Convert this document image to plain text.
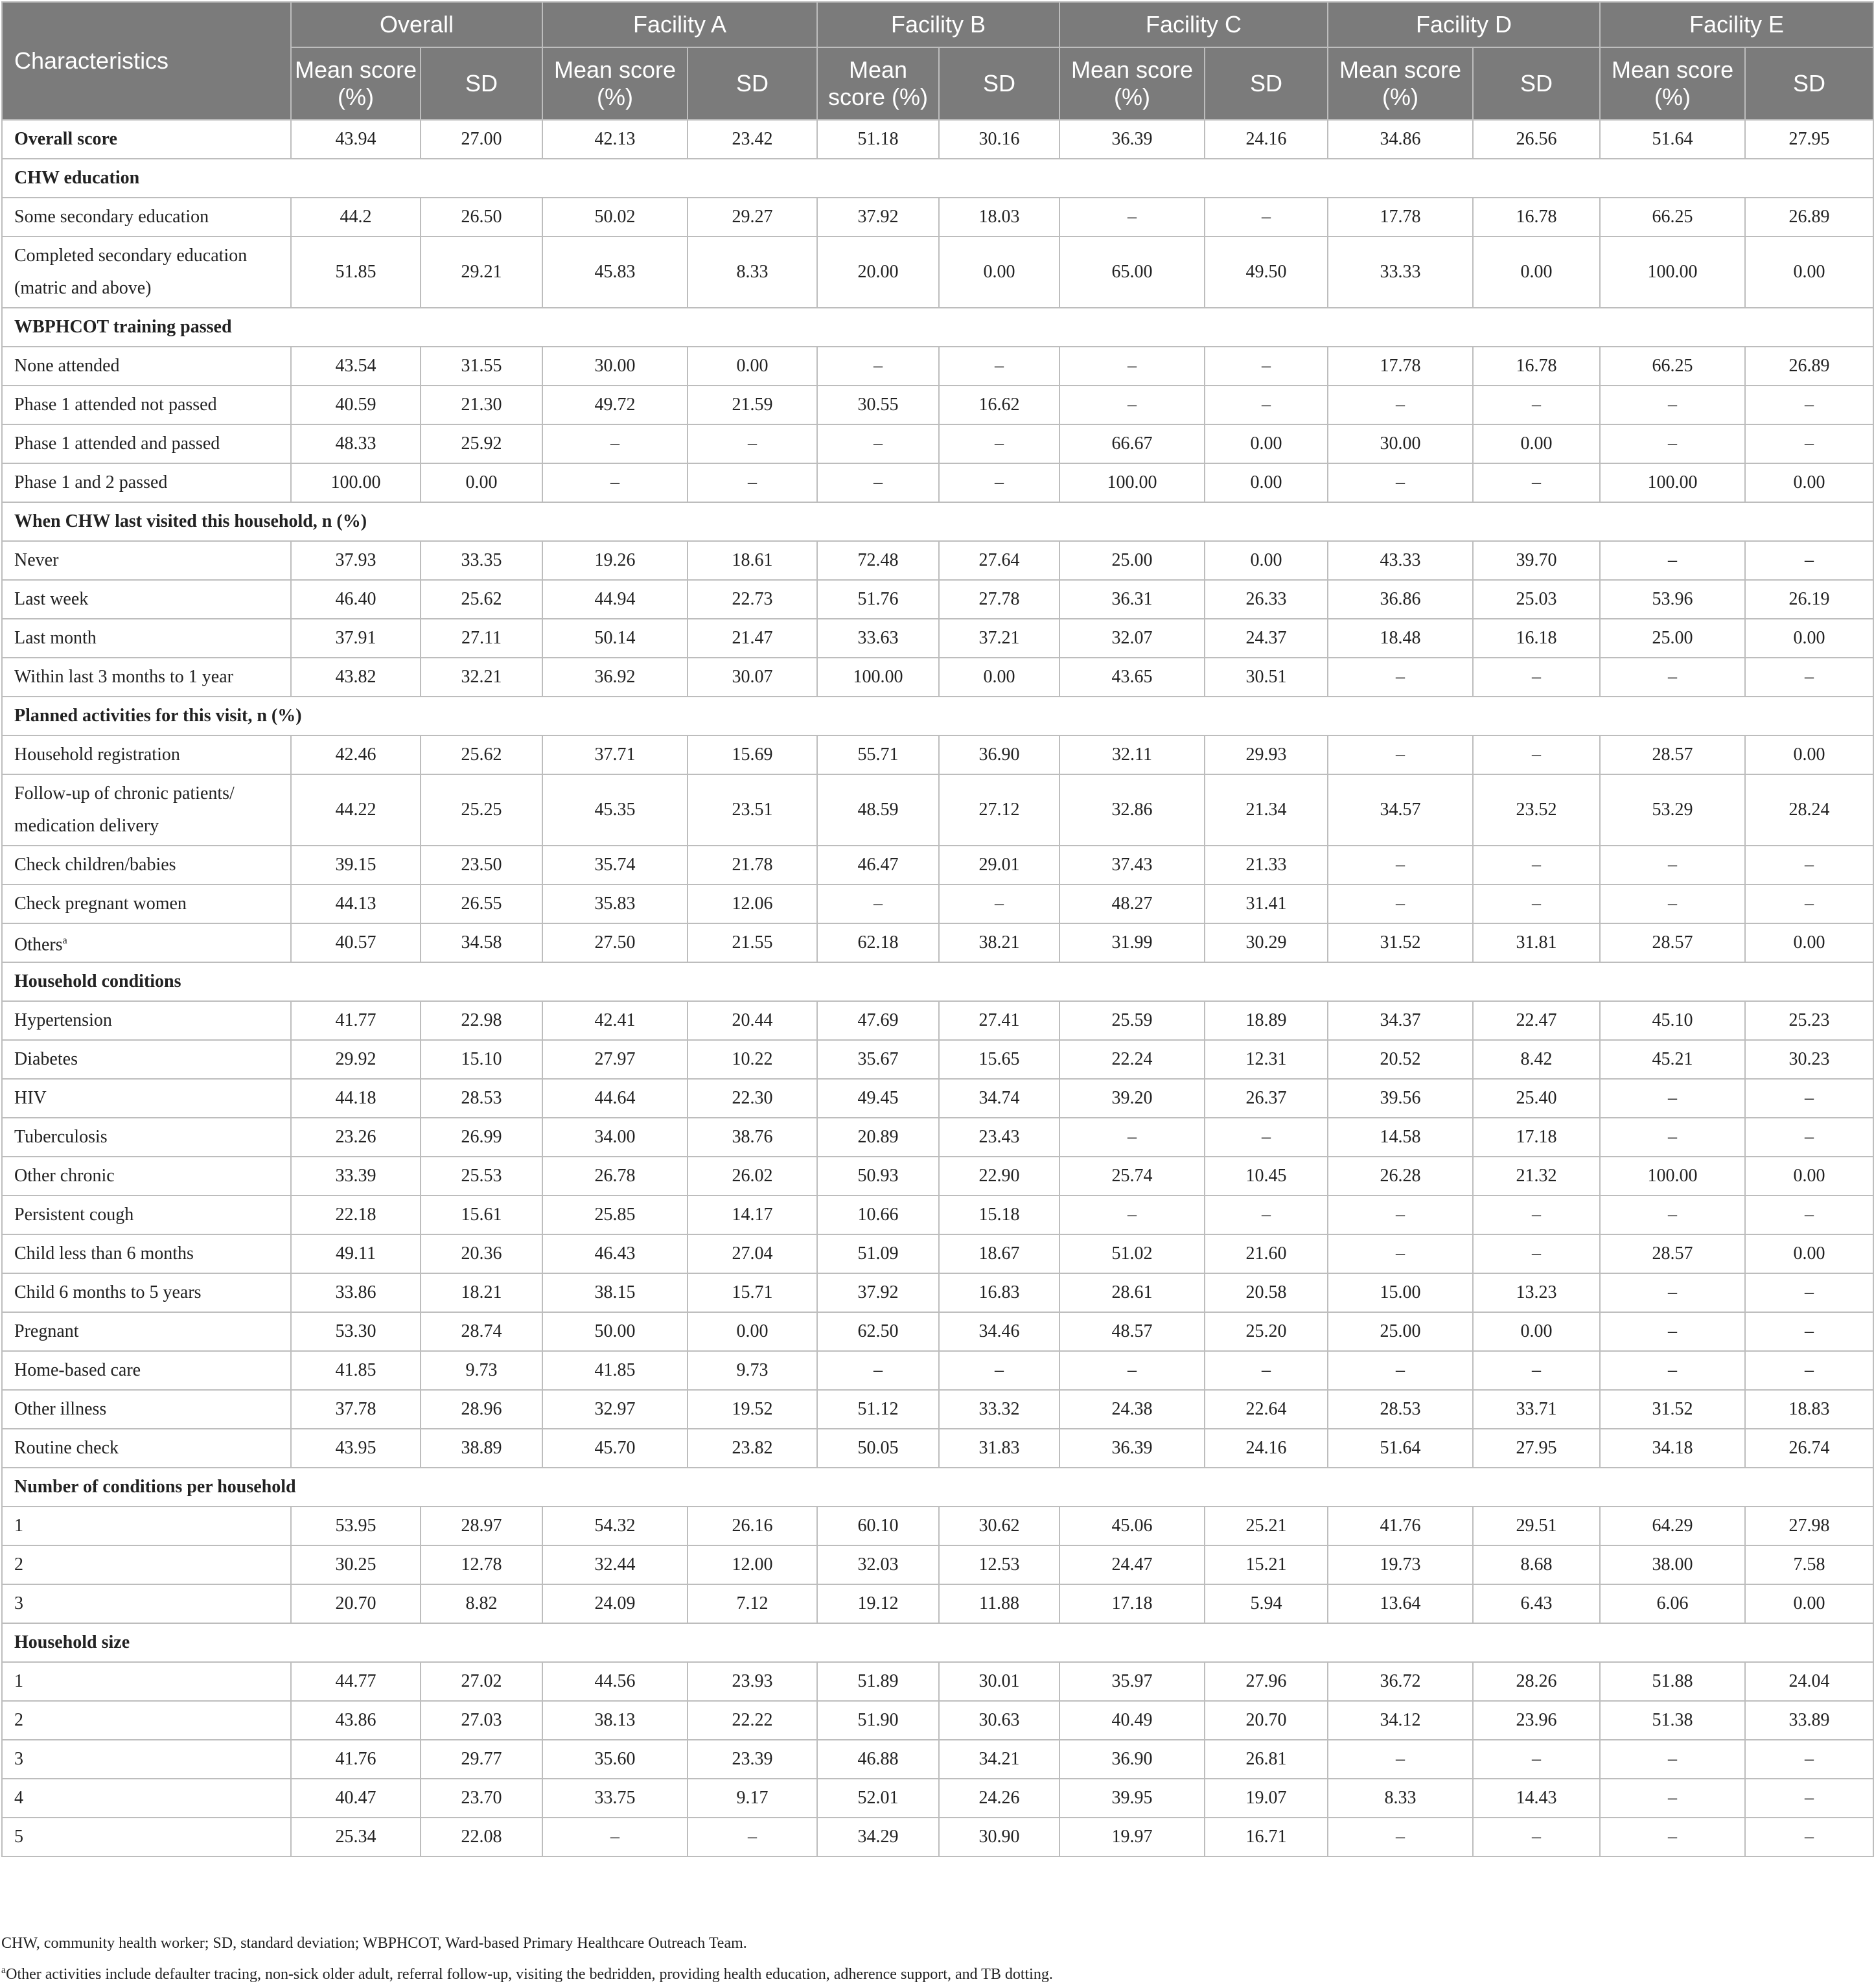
Characteristics	Overall		Facility A		Facility B		Facility C		Facility D		Facility E	
	Mean score (%)	SD	Mean score (%)	SD	Mean score (%)	SD	Mean score (%)	SD	Mean score (%)	SD	Mean score (%)	SD
Overall score	43.94	27.00	42.13	23.42	51.18	30.16	36.39	24.16	34.86	26.56	51.64	27.95
CHW education												
Some secondary education	44.2	26.50	50.02	29.27	37.92	18.03	–	–	17.78	16.78	66.25	26.89
Completed secondary education (matric and above)	51.85	29.21	45.83	8.33	20.00	0.00	65.00	49.50	33.33	0.00	100.00	0.00
WBPHCOT training passed												
None attended	43.54	31.55	30.00	0.00	–	–	–	–	17.78	16.78	66.25	26.89
Phase 1 attended not passed	40.59	21.30	49.72	21.59	30.55	16.62	–	–	–	–	–	–
Phase 1 attended and passed	48.33	25.92	–	–	–	–	66.67	0.00	30.00	0.00	–	–
Phase 1 and 2 passed	100.00	0.00	–	–	–	–	100.00	0.00	–	–	100.00	0.00
When CHW last visited this household, n (%)												
Never	37.93	33.35	19.26	18.61	72.48	27.64	25.00	0.00	43.33	39.70	–	–
Last week	46.40	25.62	44.94	22.73	51.76	27.78	36.31	26.33	36.86	25.03	53.96	26.19
Last month	37.91	27.11	50.14	21.47	33.63	37.21	32.07	24.37	18.48	16.18	25.00	0.00
Within last 3 months to 1 year	43.82	32.21	36.92	30.07	100.00	0.00	43.65	30.51	–	–	–	–
Planned activities for this visit, n (%)												
Household registration	42.46	25.62	37.71	15.69	55.71	36.90	32.11	29.93	–	–	28.57	0.00
Follow-up of chronic patients/ medication delivery	44.22	25.25	45.35	23.51	48.59	27.12	32.86	21.34	34.57	23.52	53.29	28.24
Check children/babies	39.15	23.50	35.74	21.78	46.47	29.01	37.43	21.33	–	–	–	–
Check pregnant women	44.13	26.55	35.83	12.06	–	–	48.27	31.41	–	–	–	–
Others$^a$	40.57	34.58	27.50	21.55	62.18	38.21	31.99	30.29	31.52	31.81	28.57	0.00
Household conditions												
Hypertension	41.77	22.98	42.41	20.44	47.69	27.41	25.59	18.89	34.37	22.47	45.10	25.23
Diabetes	29.92	15.10	27.97	10.22	35.67	15.65	22.24	12.31	20.52	8.42	45.21	30.23
HIV	44.18	28.53	44.64	22.30	49.45	34.74	39.20	26.37	39.56	25.40	–	–
Tuberculosis	23.26	26.99	34.00	38.76	20.89	23.43	–	–	14.58	17.18	–	–
Other chronic	33.39	25.53	26.78	26.02	50.93	22.90	25.74	10.45	26.28	21.32	100.00	0.00
Persistent cough	22.18	15.61	25.85	14.17	10.66	15.18	–	–	–	–	–	–
Child less than 6 months	49.11	20.36	46.43	27.04	51.09	18.67	51.02	21.60	–	–	28.57	0.00
Child 6 months to 5 years	33.86	18.21	38.15	15.71	37.92	16.83	28.61	20.58	15.00	13.23	–	–
Pregnant	53.30	28.74	50.00	0.00	62.50	34.46	48.57	25.20	25.00	0.00	–	–
Home-based care	41.85	9.73	41.85	9.73	–	–	–	–	–	–	–	–
Other illness	37.78	28.96	32.97	19.52	51.12	33.32	24.38	22.64	28.53	33.71	31.52	18.83
Routine check	43.95	38.89	45.70	23.82	50.05	31.83	36.39	24.16	51.64	27.95	34.18	26.74
Number of conditions per household												
1	53.95	28.97	54.32	26.16	60.10	30.62	45.06	25.21	41.76	29.51	64.29	27.98
2	30.25	12.78	32.44	12.00	32.03	12.53	24.47	15.21	19.73	8.68	38.00	7.58
3	20.70	8.82	24.09	7.12	19.12	11.88	17.18	5.94	13.64	6.43	6.06	0.00
Household size												
1	44.77	27.02	44.56	23.93	51.89	30.01	35.97	27.96	36.72	28.26	51.88	24.04
2	43.86	27.03	38.13	22.22	51.90	30.63	40.49	20.70	34.12	23.96	51.38	33.89
3	41.76	29.77	35.60	23.39	46.88	34.21	36.90	26.81	–	–	–	–
4	40.47	23.70	33.75	9.17	52.01	24.26	39.95	19.07	8.33	14.43	–	–
5	25.34	22.08	–	–	34.29	30.90	19.97	16.71	–	–	–	–

CHW, community health worker; SD, standard deviation; WBPHCOT, Ward-based Primary Healthcare Outreach Team.

$^a$Other activities include defaulter tracing, non-sick older adult, referral follow-up, visiting the bedridden, providing health education, adherence support, and TB dotting.
